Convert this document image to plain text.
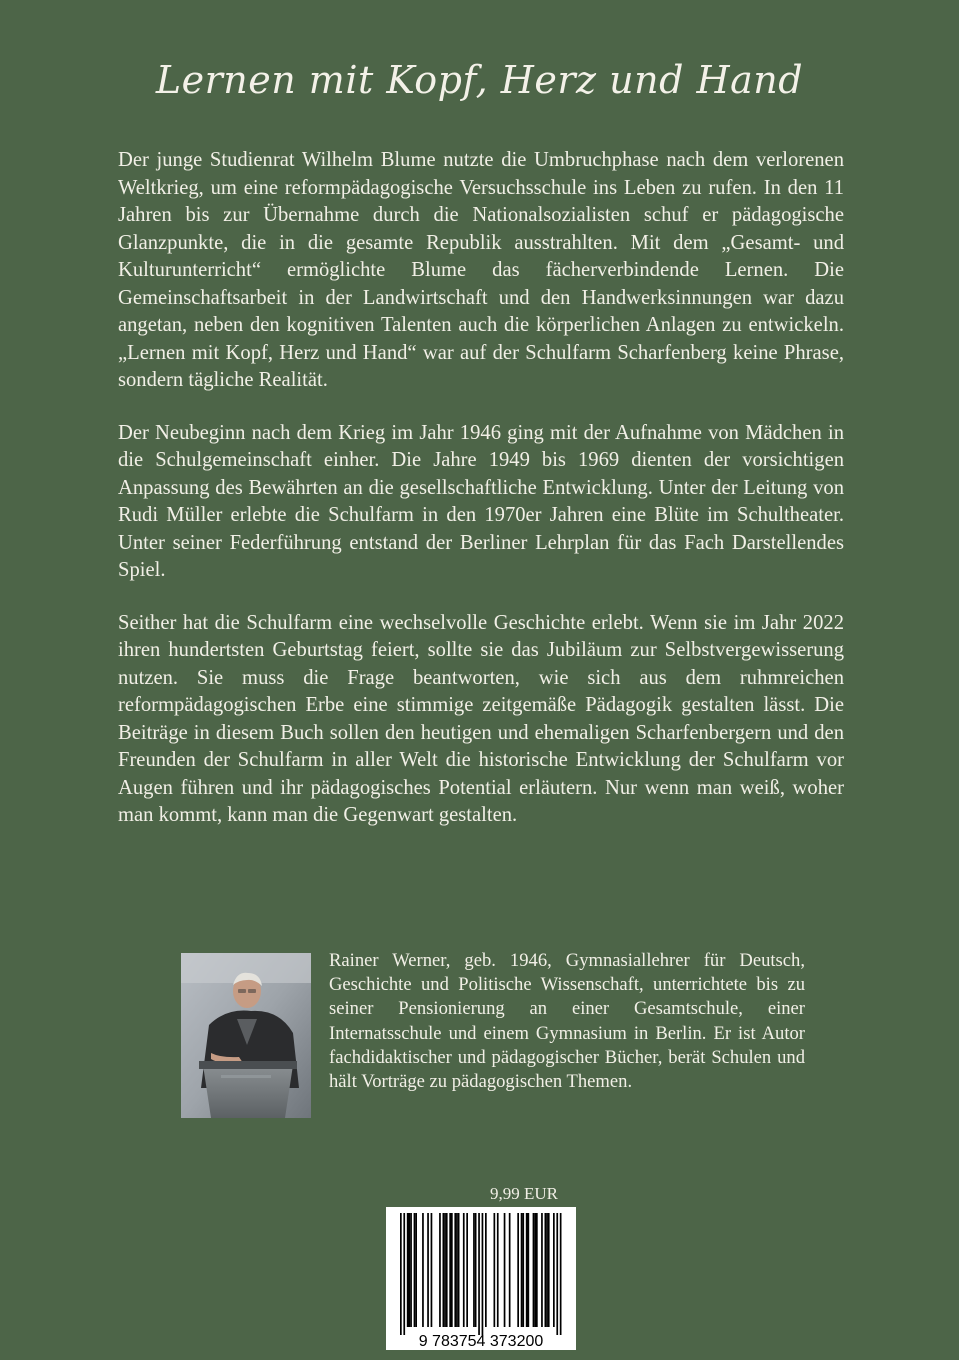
Lernen mit Kopf, Herz und Hand

Der junge Studienrat Wilhelm Blume nutzte die Umbruchphase nach dem verlorenen Weltkrieg, um eine reformpädagogische Versuchsschule ins Leben zu rufen. In den 11 Jahren bis zur Übernahme durch die Nationalsozialisten schuf er pädagogische Glanzpunkte, die in die gesamte Republik ausstrahlten. Mit dem „Gesamt- und Kulturunterricht“ ermöglichte Blume das fächerverbindende Lernen. Die Gemeinschaftsarbeit in der Landwirtschaft und den Handwerksinnungen war dazu angetan, neben den kognitiven Talenten auch die körperlichen Anlagen zu entwickeln. „Lernen mit Kopf, Herz und Hand“ war auf der Schulfarm Scharfenberg keine Phrase, sondern tägliche Realität.

Der Neubeginn nach dem Krieg im Jahr 1946 ging mit der Aufnahme von Mädchen in die Schulgemeinschaft einher. Die Jahre 1949 bis 1969 dienten der vorsichtigen Anpassung des Bewährten an die gesellschaftliche Entwicklung. Unter der Leitung von Rudi Müller erlebte die Schulfarm in den 1970er Jahren eine Blüte im Schultheater. Unter seiner Federführung entstand der Berliner Lehrplan für das Fach Darstellendes Spiel.

Seither hat die Schulfarm eine wechselvolle Geschichte erlebt. Wenn sie im Jahr 2022 ihren hundertsten Geburtstag feiert, sollte sie das Jubiläum zur Selbstvergewisserung nutzen. Sie muss die Frage beantworten, wie sich aus dem ruhmreichen reformpädagogischen Erbe eine stimmige zeitgemäße Pädagogik gestalten lässt. Die Beiträge in diesem Buch sollen den heutigen und ehemaligen Scharfenbergern und den Freunden der Schulfarm in aller Welt die historische Entwicklung der Schulfarm vor Augen führen und ihr pädagogisches Potential erläutern. Nur wenn man weiß, woher man kommt, kann man die Gegenwart gestalten.

Rainer Werner, geb. 1946, Gymnasiallehrer für Deutsch, Geschichte und Politische Wissenschaft, unterrichtete bis zu seiner Pensionierung an einer Gesamtschule, einer Internatsschule und einem Gymnasium in Berlin. Er ist Autor fachdidaktischer und pädagogischer Bücher, berät Schulen und hält Vorträge zu pädagogischen Themen.

9,99 EUR
9 783754 373200
